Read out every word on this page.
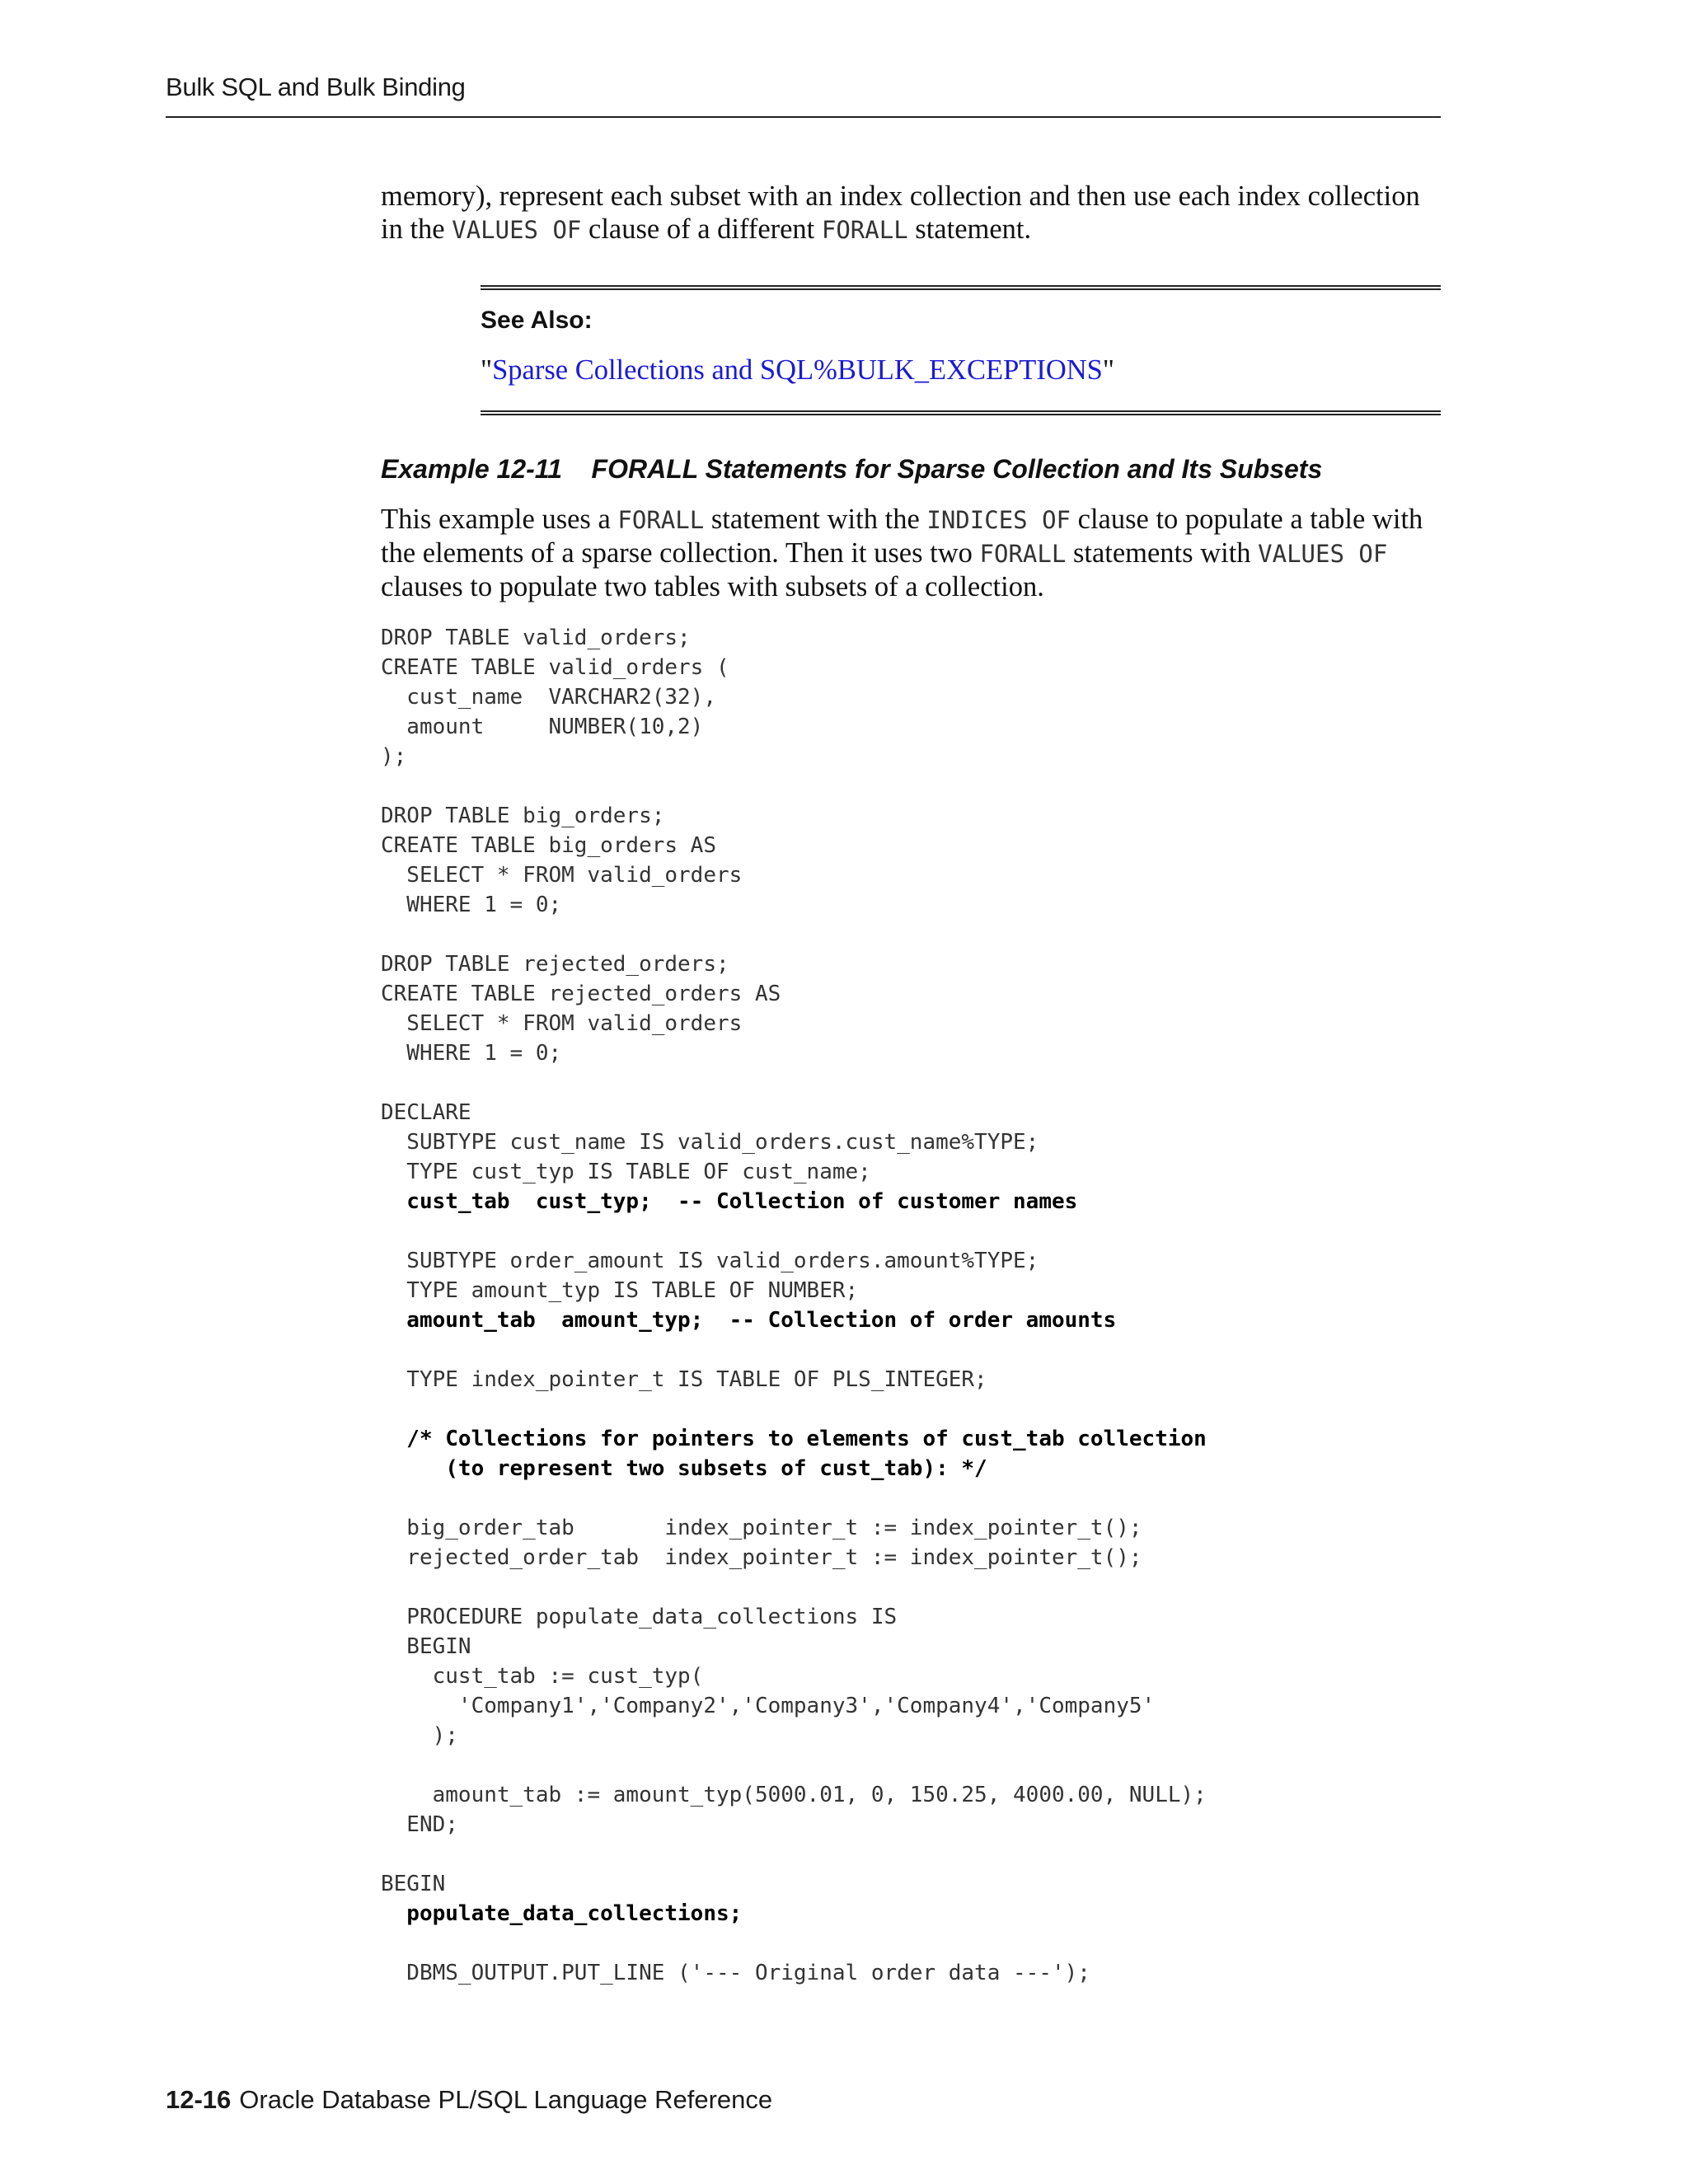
Bulk SQL and Bulk Binding
memory), represent each subset with an index collection and then use each index collection in the VALUES OF clause of a different FORALL statement.
See Also:
"Sparse Collections and SQL%BULK_EXCEPTIONS"
Example 12-11 FORALL Statements for Sparse Collection and Its Subsets
This example uses a FORALL statement with the INDICES OF clause to populate a table with the elements of a sparse collection. Then it uses two FORALL statements with VALUES OF clauses to populate two tables with subsets of a collection.
DROP TABLE valid_orders;
CREATE TABLE valid_orders (
cust_name  VARCHAR2(32),
amount     NUMBER(10,2)
);
DROP TABLE big_orders;
CREATE TABLE big_orders AS
SELECT * FROM valid_orders
WHERE 1 = 0;
DROP TABLE rejected_orders;
CREATE TABLE rejected_orders AS
SELECT * FROM valid_orders
WHERE 1 = 0;
DECLARE
SUBTYPE cust_name IS valid_orders.cust_name%TYPE;
TYPE cust_typ IS TABLE OF cust_name;
cust_tab  cust_typ;  -- Collection of customer names
SUBTYPE order_amount IS valid_orders.amount%TYPE;
TYPE amount_typ IS TABLE OF NUMBER;
amount_tab  amount_typ;  -- Collection of order amounts
TYPE index_pointer_t IS TABLE OF PLS_INTEGER;
/* Collections for pointers to elements of cust_tab collection
(to represent two subsets of cust_tab): */
big_order_tab       index_pointer_t := index_pointer_t();
rejected_order_tab  index_pointer_t := index_pointer_t();
PROCEDURE populate_data_collections IS
BEGIN
cust_tab := cust_typ(
'Company1','Company2','Company3','Company4','Company5'
);
amount_tab := amount_typ(5000.01, 0, 150.25, 4000.00, NULL);
END;
BEGIN
populate_data_collections;
DBMS_OUTPUT.PUT_LINE ('--- Original order data ---');
12-16 Oracle Database PL/SQL Language Reference
